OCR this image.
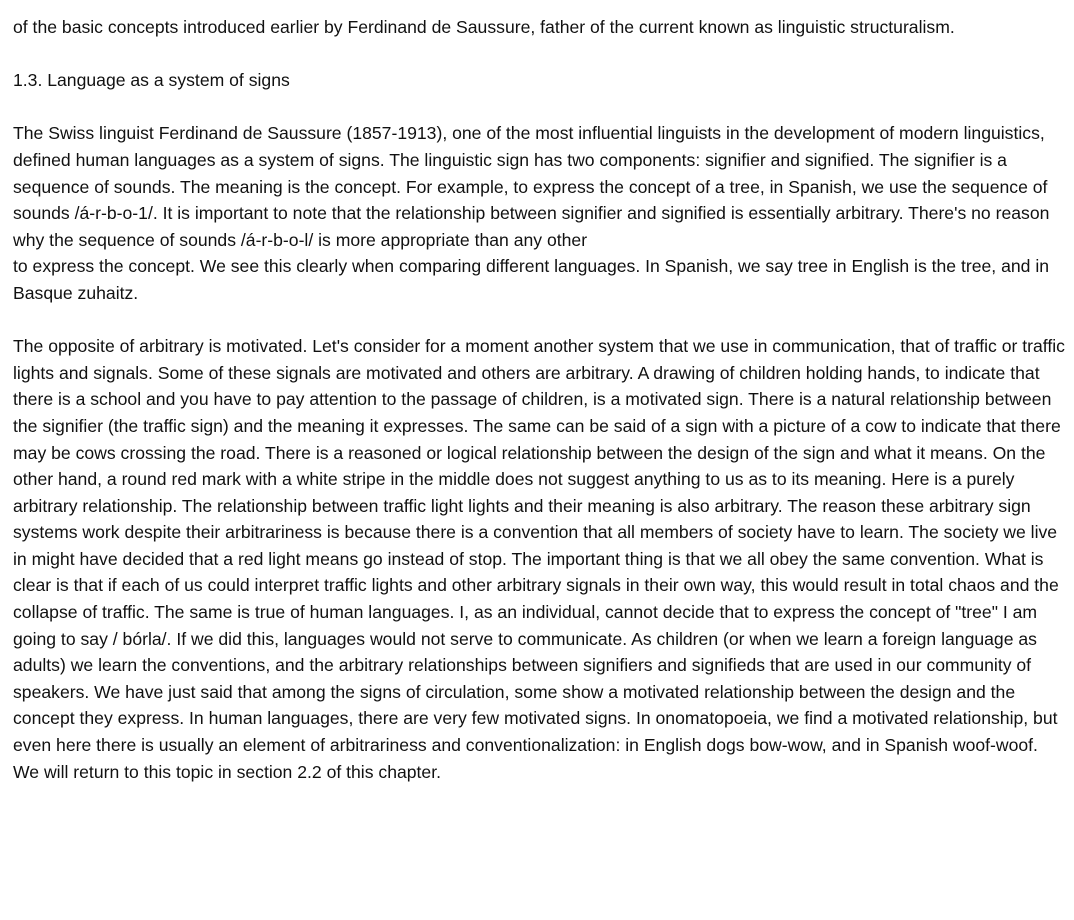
of the basic concepts introduced earlier by Ferdinand de Saussure, father of the current known as linguistic structuralism.

1.3. Language as a system of signs

The Swiss linguist Ferdinand de Saussure (1857-1913), one of the most influential linguists in the development of modern linguistics, defined human languages as a system of signs. The linguistic sign has two components: signifier and signified. The signifier is a sequence of sounds. The meaning is the concept. For example, to express the concept of a tree, in Spanish, we use the sequence of sounds /á-r-b-o-1/. It is important to note that the relationship between signifier and signified is essentially arbitrary. There's no reason why the sequence of sounds /á-r-b-o-l/ is more appropriate than any other

to express the concept. We see this clearly when comparing different languages. In Spanish, we say tree in English is the tree, and in Basque zuhaitz.

The opposite of arbitrary is motivated. Let's consider for a moment another system that we use in communication, that of traffic or traffic lights and signals. Some of these signals are motivated and others are arbitrary. A drawing of children holding hands, to indicate that there is a school and you have to pay attention to the passage of children, is a motivated sign. There is a natural relationship between the signifier (the traffic sign) and the meaning it expresses. The same can be said of a sign with a picture of a cow to indicate that there may be cows crossing the road. There is a reasoned or logical relationship between the design of the sign and what it means. On the other hand, a round red mark with a white stripe in the middle does not suggest anything to us as to its meaning. Here is a purely arbitrary relationship. The relationship between traffic light lights and their meaning is also arbitrary. The reason these arbitrary sign systems work despite their arbitrariness is because there is a convention that all members of society have to learn. The society we live in might have decided that a red light means go instead of stop. The important thing is that we all obey the same convention. What is clear is that if each of us could interpret traffic lights and other arbitrary signals in their own way, this would result in total chaos and the collapse of traffic. The same is true of human languages. I, as an individual, cannot decide that to express the concept of "tree" I am going to say / bórla/. If we did this, languages would not serve to communicate. As children (or when we learn a foreign language as adults) we learn the conventions, and the arbitrary relationships between signifiers and signifieds that are used in our community of speakers. We have just said that among the signs of circulation, some show a motivated relationship between the design and the concept they express. In human languages, there are very few motivated signs. In onomatopoeia, we find a motivated relationship, but even here there is usually an element of arbitrariness and conventionalization: in English dogs bow-wow, and in Spanish woof-woof. We will return to this topic in section 2.2 of this chapter.
